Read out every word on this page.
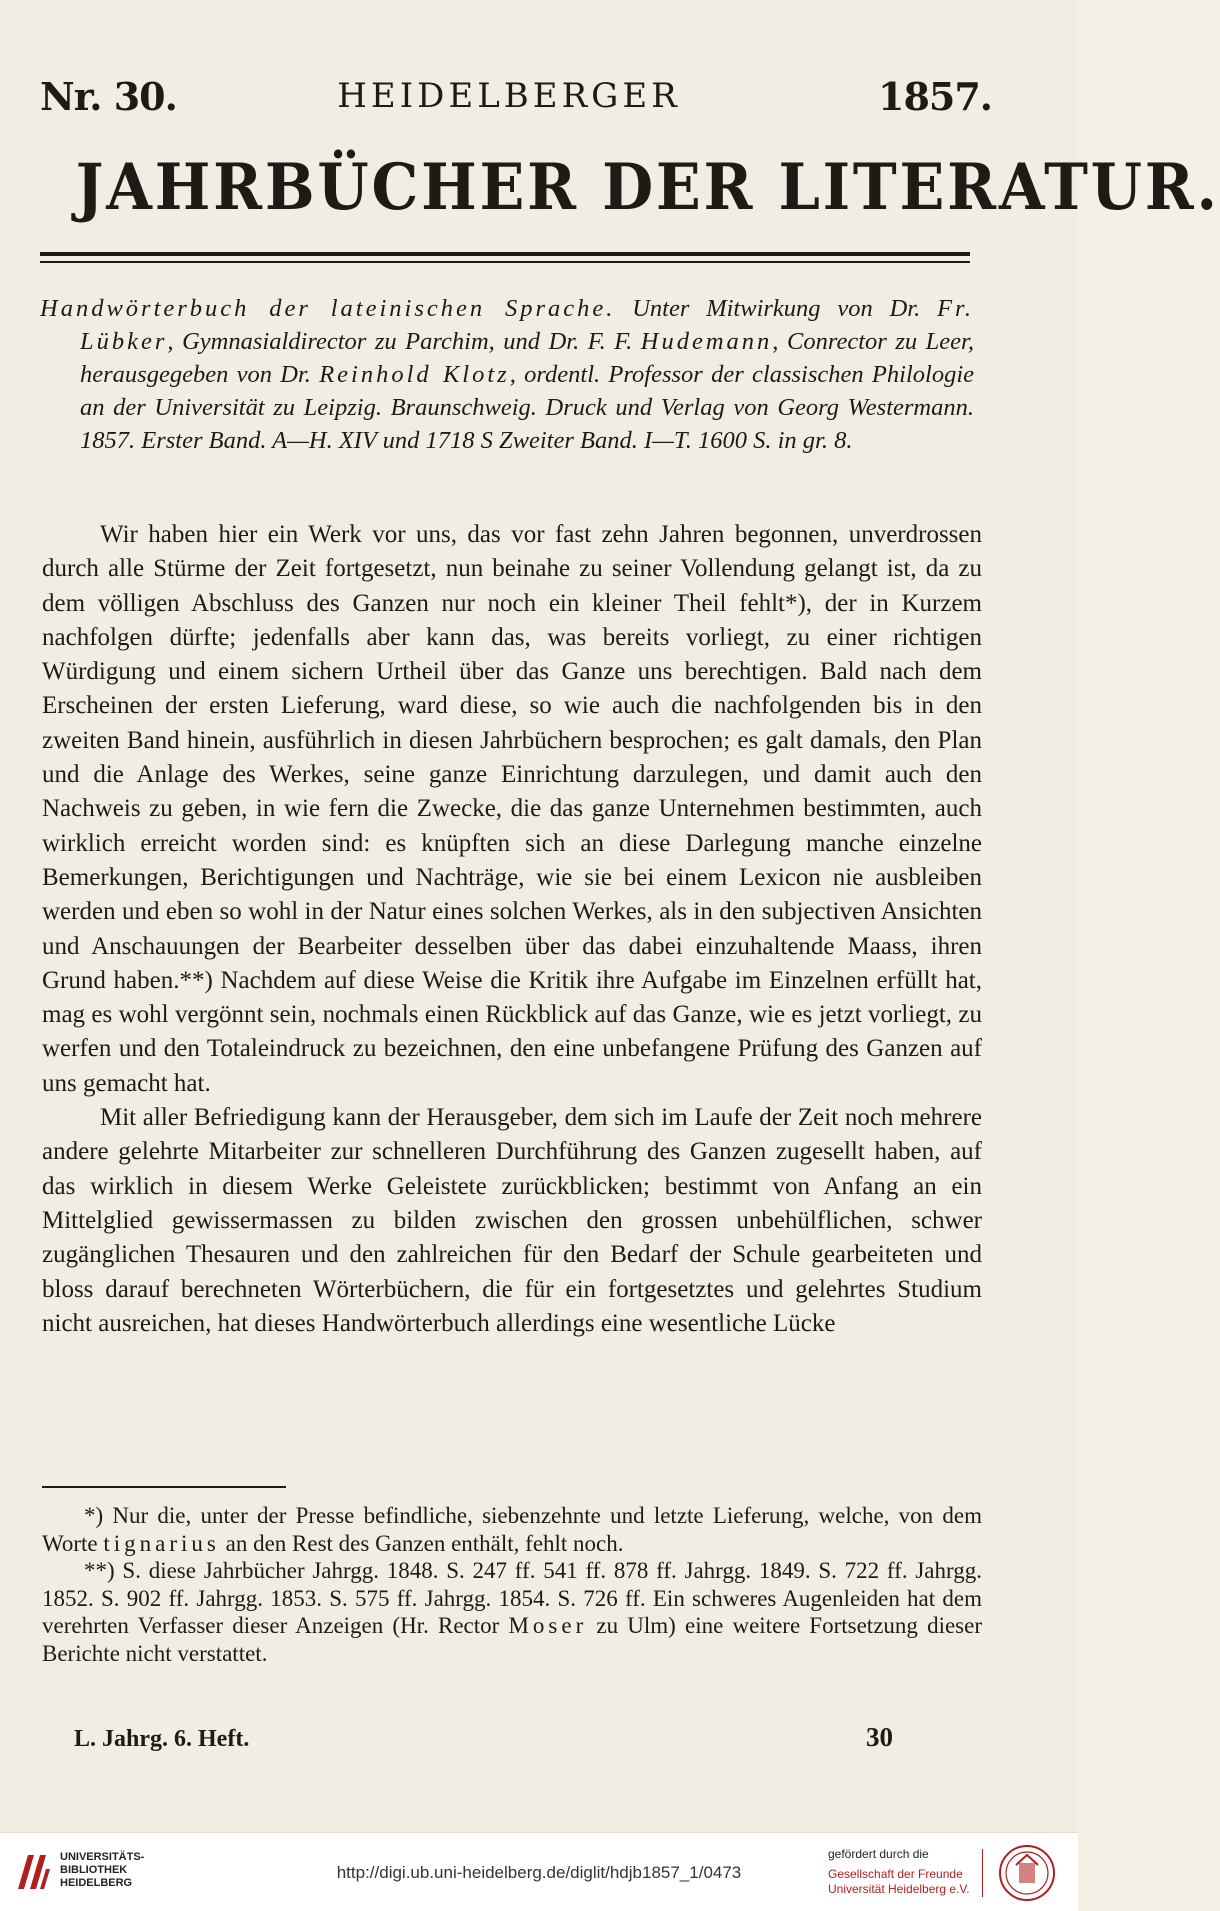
Nr. 30.	HEIDELBERGER	1857.
JAHRBÜCHER DER LITERATUR.
Handwörterbuch der lateinischen Sprache. Unter Mitwirkung von Dr. Fr. Lübker, Gymnasialdirector zu Parchim, und Dr. F. F. Hudemann, Conrector zu Leer, herausgegeben von Dr. Reinhold Klotz, ordentl. Professor der classischen Philologie an der Universität zu Leipzig. Braunschweig. Druck und Verlag von Georg Westermann. 1857. Erster Band. A—H. XIV und 1718 S Zweiter Band. I—T. 1600 S. in gr. 8.

Wir haben hier ein Werk vor uns, das vor fast zehn Jahren begonnen, unverdrossen durch alle Stürme der Zeit fortgesetzt, nun beinahe zu seiner Vollendung gelangt ist, da zu dem völligen Abschluss des Ganzen nur noch ein kleiner Theil fehlt*), der in Kurzem nachfolgen dürfte; jedenfalls aber kann das, was bereits vorliegt, zu einer richtigen Würdigung und einem sichern Urtheil über das Ganze uns berechtigen. Bald nach dem Erscheinen der ersten Lieferung, ward diese, so wie auch die nachfolgenden bis in den zweiten Band hinein, ausführlich in diesen Jahrbüchern besprochen; es galt damals, den Plan und die Anlage des Werkes, seine ganze Einrichtung darzulegen, und damit auch den Nachweis zu geben, in wie fern die Zwecke, die das ganze Unternehmen bestimmten, auch wirklich erreicht worden sind: es knüpften sich an diese Darlegung manche einzelne Bemerkungen, Berichtigungen und Nachträge, wie sie bei einem Lexicon nie ausbleiben werden und eben so wohl in der Natur eines solchen Werkes, als in den subjectiven Ansichten und Anschauungen der Bearbeiter desselben über das dabei einzuhaltende Maass, ihren Grund haben.**) Nachdem auf diese Weise die Kritik ihre Aufgabe im Einzelnen erfüllt hat, mag es wohl vergönnt sein, nochmals einen Rückblick auf das Ganze, wie es jetzt vorliegt, zu werfen und den Totaleindruck zu bezeichnen, den eine unbefangene Prüfung des Ganzen auf uns gemacht hat.

Mit aller Befriedigung kann der Herausgeber, dem sich im Laufe der Zeit noch mehrere andere gelehrte Mitarbeiter zur schnelleren Durchführung des Ganzen zugesellt haben, auf das wirklich in diesem Werke Geleistete zurückblicken; bestimmt von Anfang an ein Mittelglied gewissermassen zu bilden zwischen den grossen unbehülflichen, schwer zugänglichen Thesauren und den zahlreichen für den Bedarf der Schule gearbeiteten und bloss darauf berechneten Wörterbüchern, die für ein fortgesetztes und gelehrtes Studium nicht ausreichen, hat dieses Handwörterbuch allerdings eine wesentliche Lücke

*) Nur die, unter der Presse befindliche, siebenzehnte und letzte Lieferung, welche, von dem Worte tignarius an den Rest des Ganzen enthält, fehlt noch.

**) S. diese Jahrbücher Jahrgg. 1848. S. 247 ff. 541 ff. 878 ff. Jahrgg. 1849. S. 722 ff. Jahrgg. 1852. S. 902 ff. Jahrgg. 1853. S. 575 ff. Jahrgg. 1854. S. 726 ff. Ein schweres Augenleiden hat dem verehrten Verfasser dieser Anzeigen (Hr. Rector Moser zu Ulm) eine weitere Fortsetzung dieser Berichte nicht verstattet.

L. Jahrg. 6. Heft.	30
UNIVERSITÄTS-
BIBLIOTHEK
HEIDELBERG
http://digi.ub.uni-heidelberg.de/diglit/hdjb1857_1/0473
gefördert durch die
Gesellschaft der Freunde
Universität Heidelberg e.V.
